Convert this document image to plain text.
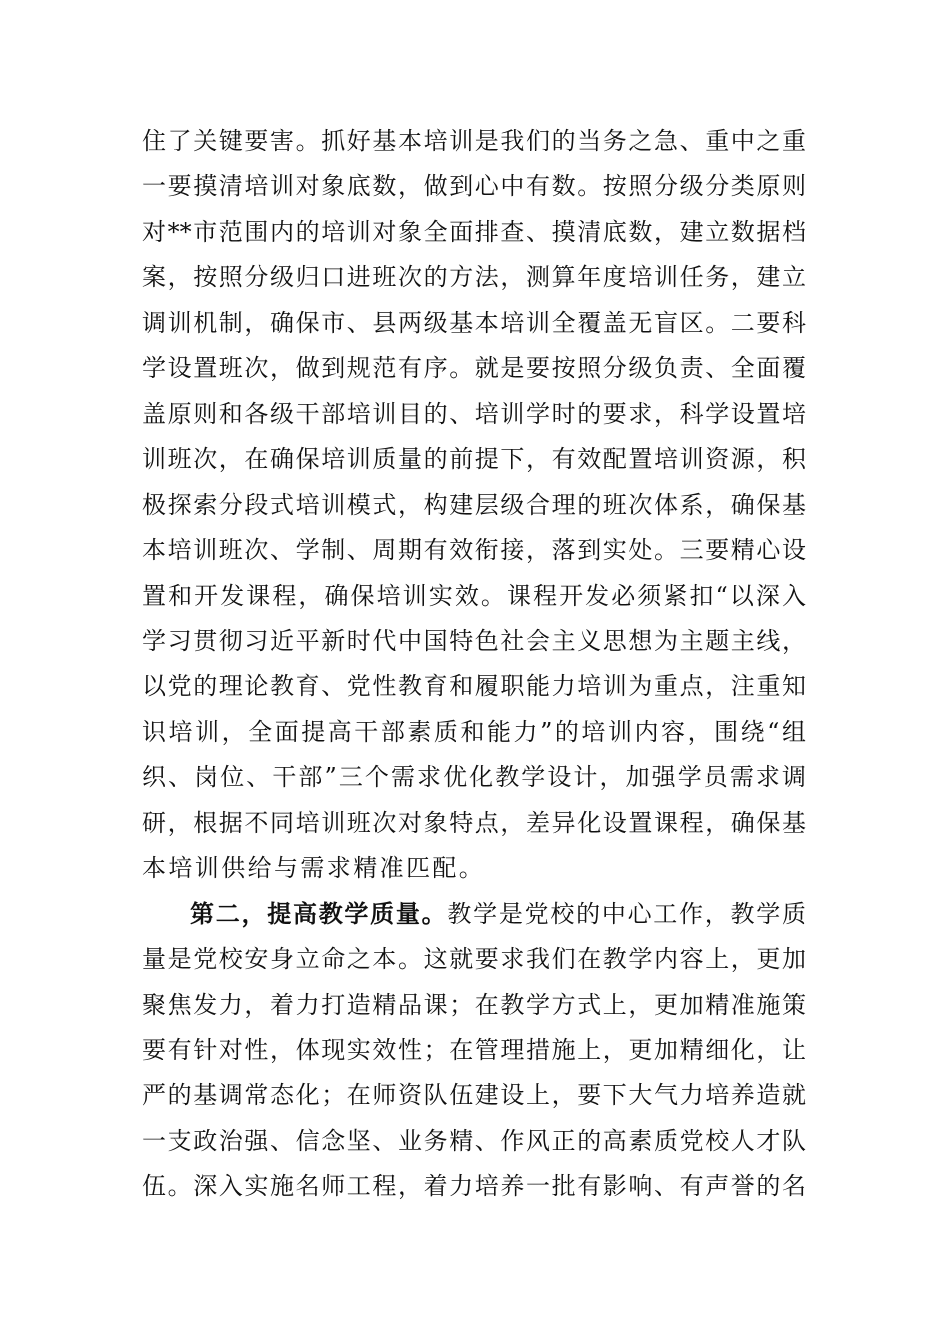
住了关键要害。抓好基本培训是我们的当务之急、重中之重
一要摸清培训对象底数，做到心中有数。按照分级分类原则
对**市范围内的培训对象全面排查、摸清底数，建立数据档
案，按照分级归口进班次的方法，测算年度培训任务，建立
调训机制，确保市、县两级基本培训全覆盖无盲区。二要科
学设置班次，做到规范有序。就是要按照分级负责、全面覆
盖原则和各级干部培训目的、培训学时的要求，科学设置培
训班次，在确保培训质量的前提下，有效配置培训资源，积
极探索分段式培训模式，构建层级合理的班次体系，确保基
本培训班次、学制、周期有效衔接，落到实处。三要精心设
置和开发课程，确保培训实效。课程开发必须紧扣“以深入
学习贯彻习近平新时代中国特色社会主义思想为主题主线，
以党的理论教育、党性教育和履职能力培训为重点，注重知
识培训，全面提高干部素质和能力”的培训内容，围绕“组
织、岗位、干部”三个需求优化教学设计，加强学员需求调
研，根据不同培训班次对象特点，差异化设置课程，确保基
本培训供给与需求精准匹配。
第二，提高教学质量。教学是党校的中心工作，教学质
量是党校安身立命之本。这就要求我们在教学内容上，更加
聚焦发力，着力打造精品课；在教学方式上，更加精准施策
要有针对性，体现实效性；在管理措施上，更加精细化，让
严的基调常态化；在师资队伍建设上，要下大气力培养造就
一支政治强、信念坚、业务精、作风正的高素质党校人才队
伍。深入实施名师工程，着力培养一批有影响、有声誉的名
